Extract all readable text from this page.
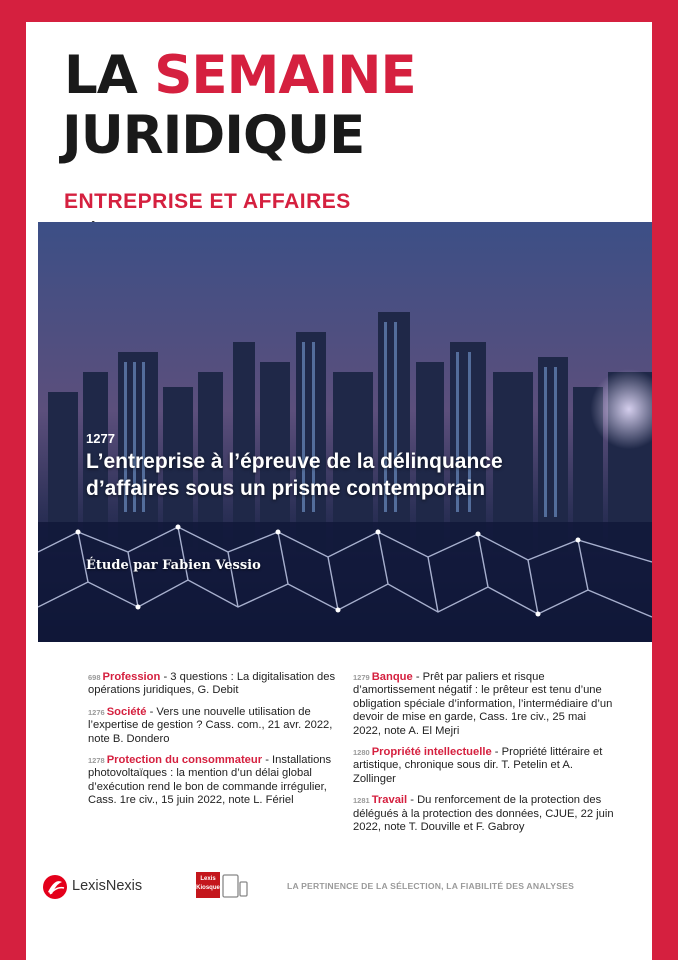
LA SEMAINE
JURIDIQUE
ENTREPRISE ET AFFAIRES
1277
L’entreprise à l’épreuve de la délinquance d’affaires sous un prisme contemporain
Étude par Fabien Vessio
698 Profession - 3 questions : La digitalisation des opérations juridiques, G. Debit
1276 Société - Vers une nouvelle utilisation de l’expertise de gestion ? Cass. com., 21 avr. 2022, note B. Dondero
1278 Protection du consommateur - Installations photovoltaïques : la mention d’un délai global d’exécution rend le bon de commande irrégulier, Cass. 1re civ., 15 juin 2022, note L. Fériel
1279 Banque - Prêt par paliers et risque d’amortissement négatif : le prêteur est tenu d’une obligation spéciale d’information, l’intermédiaire d’un devoir de mise en garde, Cass. 1re civ., 25 mai 2022, note A. El Mejri
1280 Propriété intellectuelle - Propriété littéraire et artistique, chronique sous dir. T. Petelin et A. Zollinger
1281 Travail - Du renforcement de la protection des délégués à la protection des données, CJUE, 22 juin 2022, note T. Douville et F. Gabroy
LexisNexis	Lexis
Kiosque	LA PERTINENCE DE LA SÉLECTION, LA FIABILITÉ DES ANALYSES
